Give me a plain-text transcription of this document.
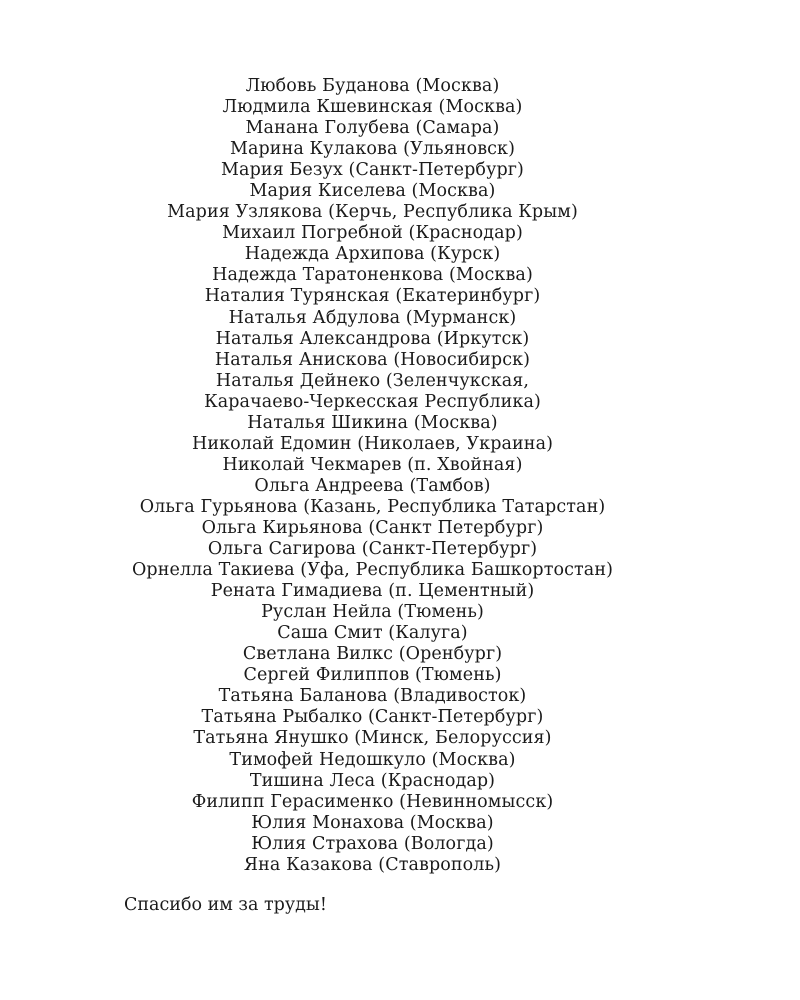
Любовь Буданова (Москва)
Людмила Кшевинская (Москва)
Манана Голубева (Самара)
Марина Кулакова (Ульяновск)
Мария Безух (Санкт-Петербург)
Мария Киселева (Москва)
Мария Узлякова (Керчь, Республика Крым)
Михаил Погребной (Краснодар)
Надежда Архипова (Курск)
Надежда Таратоненкова (Москва)
Наталия Турянская (Екатеринбург)
Наталья Абдулова (Мурманск)
Наталья Александрова (Иркутск)
Наталья Анискова (Новосибирск)
Наталья Дейнеко (Зеленчукская,
Карачаево-Черкесская Республика)
Наталья Шикина (Москва)
Николай Едомин (Николаев, Украина)
Николай Чекмарев (п. Хвойная)
Ольга Андреева (Тамбов)
Ольга Гурьянова (Казань, Республика Татарстан)
Ольга Кирьянова (Санкт Петербург)
Ольга Сагирова (Санкт-Петербург)
Орнелла Такиева (Уфа, Республика Башкортостан)
Рената Гимадиева (п. Цементный)
Руслан Нейла (Тюмень)
Саша Смит (Калуга)
Светлана Вилкс (Оренбург)
Сергей Филиппов (Тюмень)
Татьяна Баланова (Владивосток)
Татьяна Рыбалко (Санкт-Петербург)
Татьяна Янушко (Минск, Белоруссия)
Тимофей Недошкуло (Москва)
Тишина Леса (Краснодар)
Филипп Герасименко (Невинномысск)
Юлия Монахова (Москва)
Юлия Страхова (Вологда)
Яна Казакова (Ставрополь)
Спасибо им за труды!
